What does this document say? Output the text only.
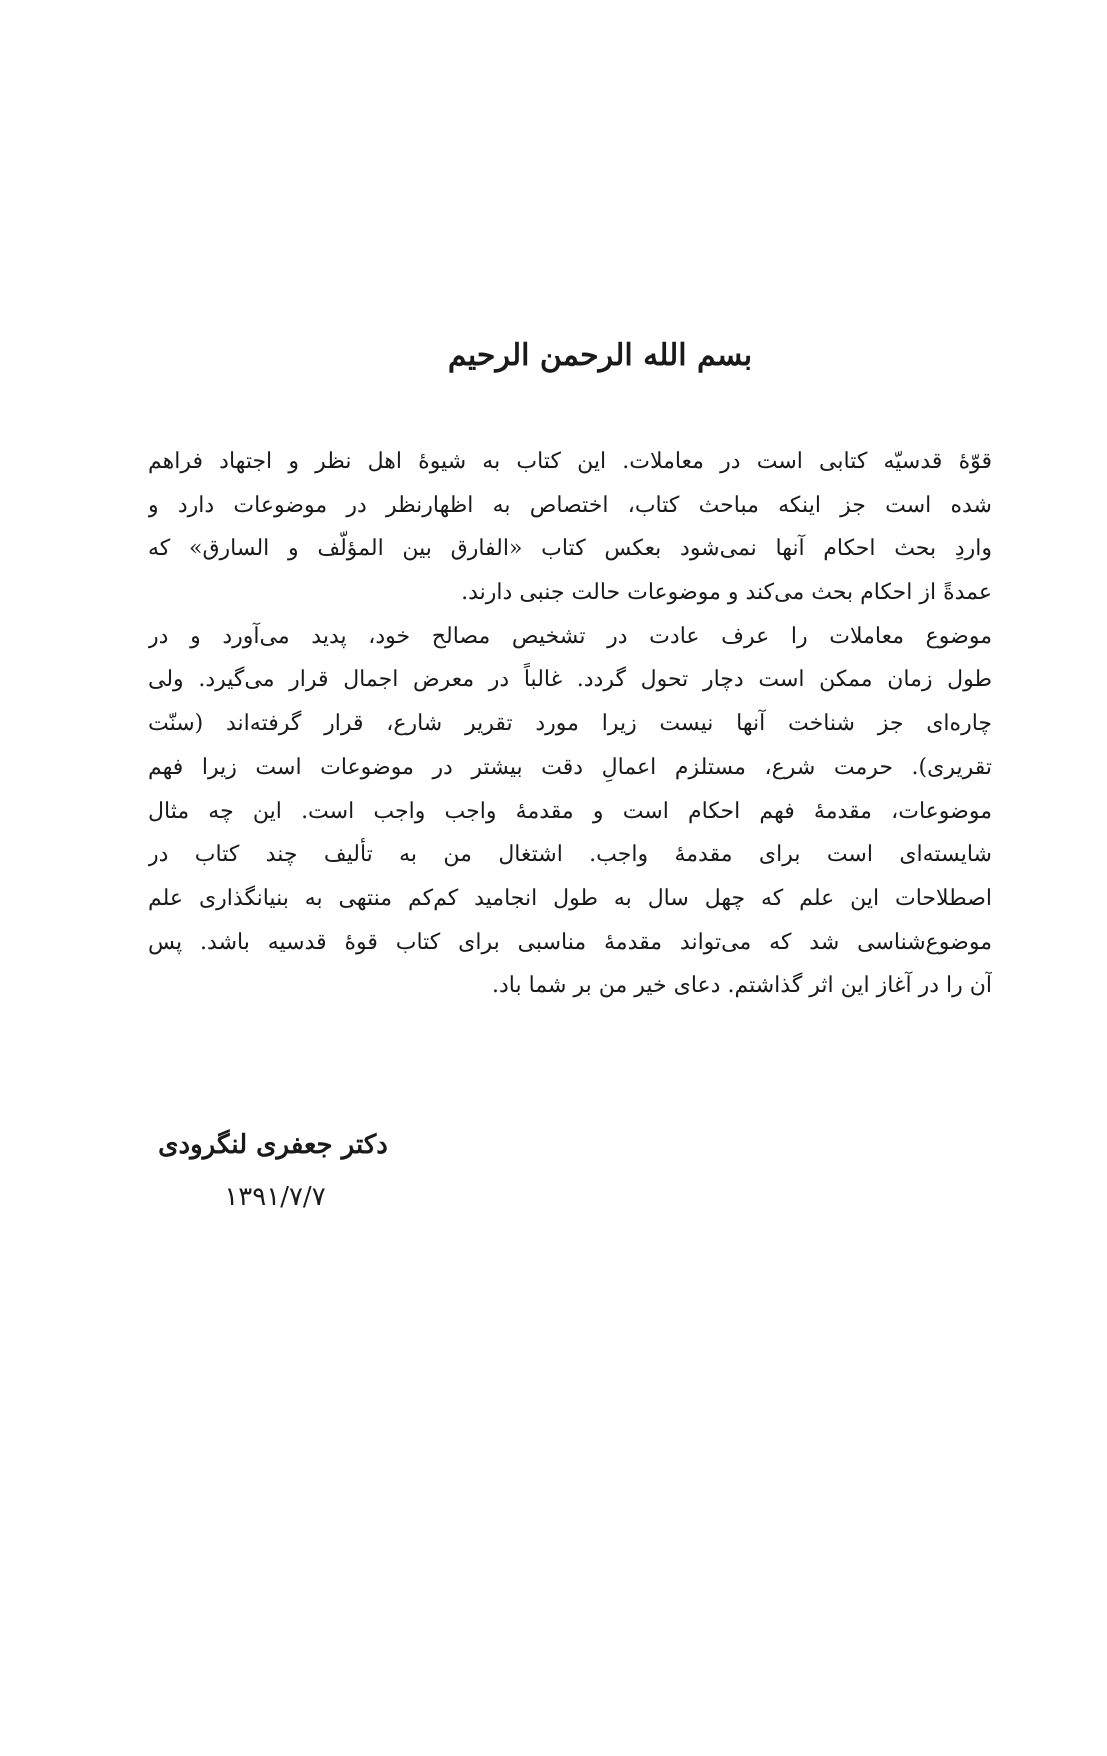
بسم الله الرحمن الرحیم
قوّهٔ قدسیّه کتابی است در معاملات. این کتاب به شیوهٔ اهل نظر و اجتهاد فراهم
شده است جز اینکه مباحث کتاب، اختصاص به اظهارنظر در موضوعات دارد و
واردِ بحث احکام آنها نمی‌شود بعکس کتاب «الفارق بین المؤلّف و السارق» که
عمدةً از احکام بحث می‌کند و موضوعات حالت جنبی دارند.
موضوع معاملات را عرف عادت در تشخیص مصالح خود، پدید می‌آورد و در
طول زمان ممکن است دچار تحول گردد. غالباً در معرض اجمال قرار می‌گیرد. ولی
چاره‌ای جز شناخت آنها نیست زیرا مورد تقریر شارع، قرار گرفته‌اند (سنّت
تقریری). حرمت شرع، مستلزم اعمالِ دقت بیشتر در موضوعات است زیرا فهم
موضوعات، مقدمهٔ فهم احکام است و مقدمهٔ واجب واجب است. این چه مثال
شایسته‌ای است برای مقدمهٔ واجب. اشتغال من به تألیف چند کتاب در
اصطلاحات این علم که چهل سال به طول انجامید کم‌کم منتهی به بنیانگذاری علم
موضوع‌شناسی شد که می‌تواند مقدمهٔ مناسبی برای کتاب قوهٔ قدسیه باشد. پس
آن را در آغاز این اثر گذاشتم. دعای خیر من بر شما باد.
دکتر جعفری لنگرودی
۱۳۹۱/۷/۷
